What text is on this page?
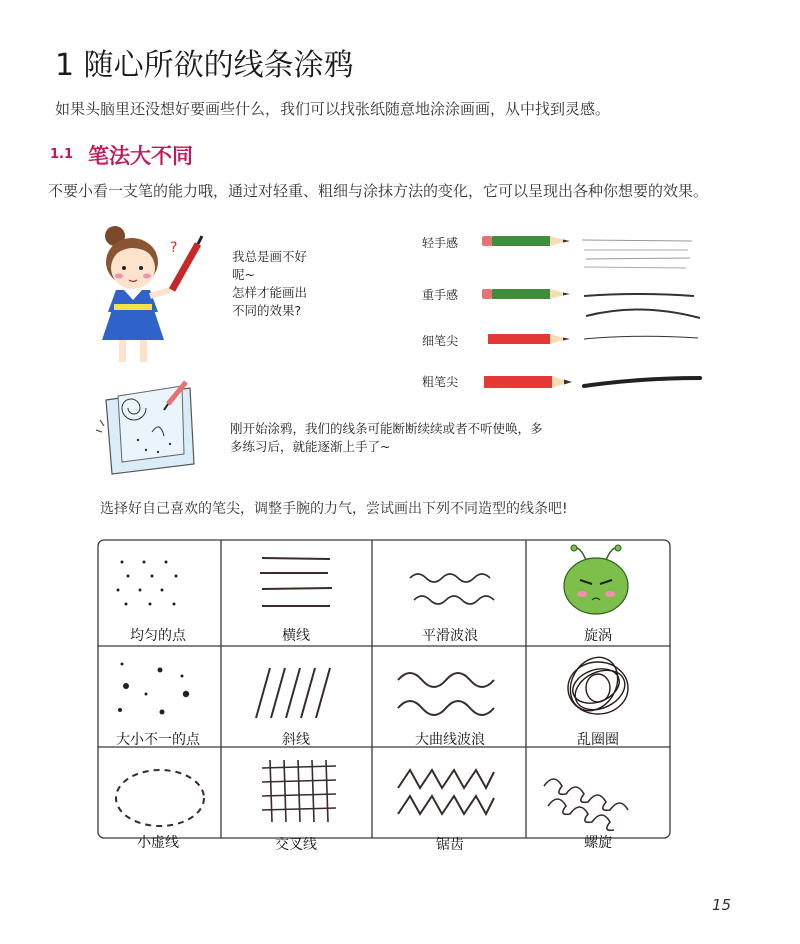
1 随心所欲的线条涂鸦
如果头脑里还没想好要画些什么，我们可以找张纸随意地涂涂画画，从中找到灵感。
1.1 笔法大不同
不要小看一支笔的能力哦，通过对轻重、粗细与涂抹方法的变化，它可以呈现出各种你想要的效果。
?
?	我总是画不好
呢~
怎样才能画出
不同的效果?
轻手感
重手感
细笔尖
粗笔尖
刚开始涂鸦，我们的线条可能断断续续或者不听使唤，多
多练习后，就能逐渐上手了~
选择好自己喜欢的笔尖，调整手腕的力气，尝试画出下列不同造型的线条吧!
均匀的点	横线	平滑波浪	旋涡
大小不一的点	斜线	大曲线波浪	乱圈圈
小虚线	交叉线	锯齿	螺旋
15
